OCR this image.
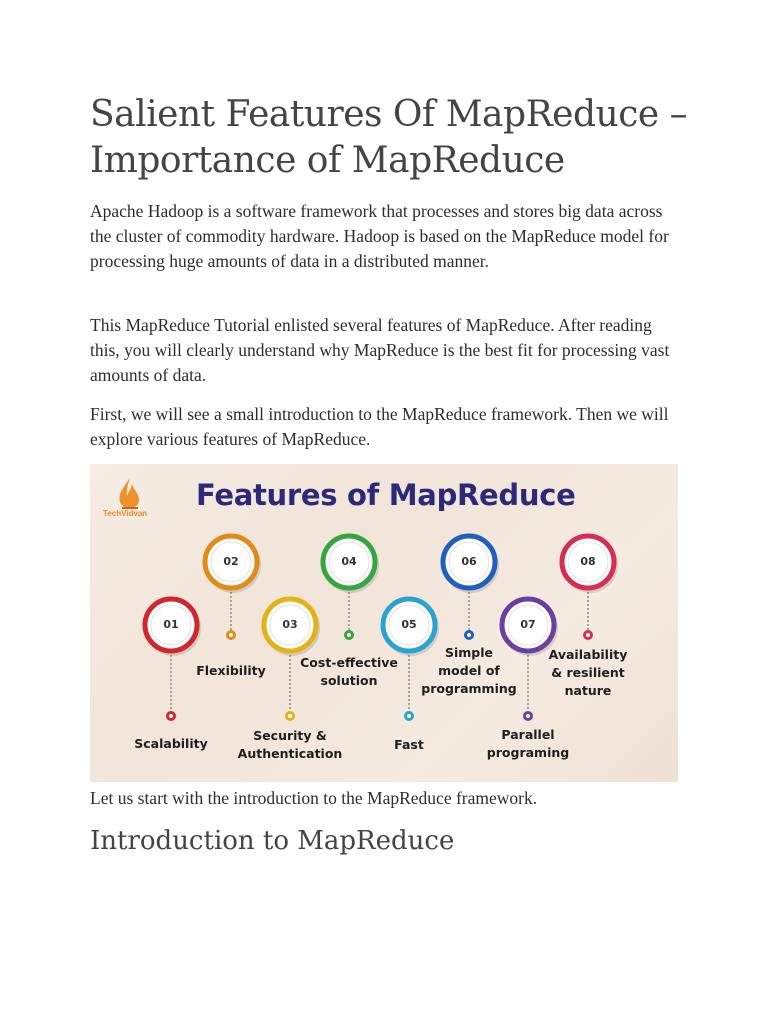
Salient Features Of MapReduce – Importance of MapReduce

Apache Hadoop is a software framework that processes and stores big data across the cluster of commodity hardware. Hadoop is based on the MapReduce model for processing huge amounts of data in a distributed manner.

This MapReduce Tutorial enlisted several features of MapReduce. After reading this, you will clearly understand why MapReduce is the best fit for processing vast amounts of data.

First, we will see a small introduction to the MapReduce framework. Then we will explore various features of MapReduce.

Features of MapReduce
TechVidvan
01
Scalability
02
Flexibility
03
Security &
Authentication
04
Cost-effective
solution
05
Fast
06
Simple
model of
programming
07
Parallel
programing
08
Availability
& resilient
nature

Let us start with the introduction to the MapReduce framework.

Introduction to MapReduce
